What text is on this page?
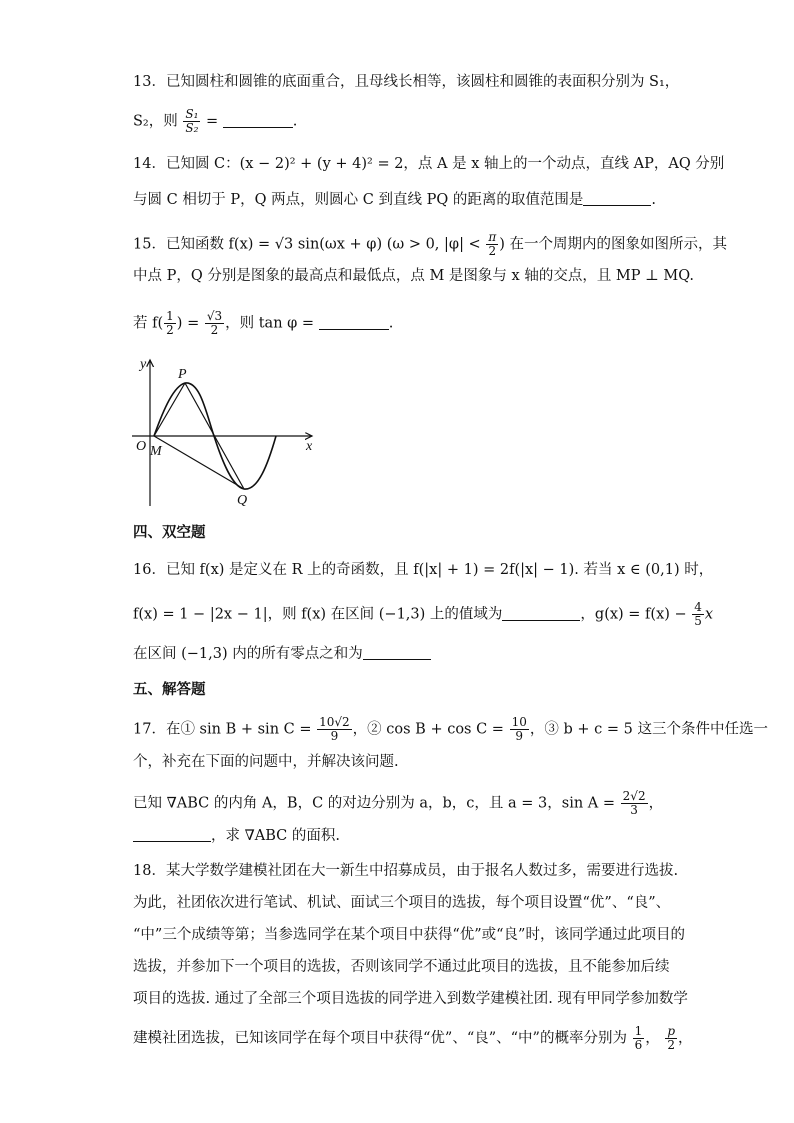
13．已知圆柱和圆锥的底面重合，且母线长相等，该圆柱和圆锥的表面积分别为 S₁，
S₂，则 $\frac{\text{S₁}}{\text{S₂}}$ =	.
14．已知圆 C：(x − 2)² + (y + 4)² = 2，点 A 是 x 轴上的一个动点，直线 AP，AQ 分别
与圆 C 相切于 P，Q 两点，则圆心 C 到直线 PQ 的距离的取值范围是	.
15．已知函数 f(x) = √3 sin(ωx + φ) (ω > 0, $|\varphi| < \frac{\pi}{2}$ ) 在一个周期内的图象如图所示，其
中点 P，Q 分别是图象的最高点和最低点，点 M 是图象与 x 轴的交点，且 MP ⊥ MQ.
若 $f( \frac{1}{2}$ ) = $\frac{√3}{2}$ ，则 tan φ =	.
y
x
P
O M
Q
四、双空题
16．已知 f(x) 是定义在 R 上的奇函数，且 f(|x| + 1) = 2f(|x| − 1). 若当 x ∈ (0,1) 时，
f(x) = 1 − |2x − 1|，则 f(x) 在区间 (−1,3) 上的值域为	，$g(x) = f(x) - \frac{4}{5}$ x
在区间 (−1,3) 内的所有零点之和为
五、解答题
17．在① $\sin B + \sin C = \frac{10√2}{9}$ ，② $\cos B + \cos C = \frac{10}{9}$ ，③ b + c = 5 这三个条件中任选一
个，补充在下面的问题中，并解决该问题.
已知 ∇ABC 的内角 A，B，C 的对边分别为 a，b，c，且 a = 3，$\sin A = \frac{2√2}{3}$ ，
，求 ∇ABC 的面积.
18．某大学数学建模社团在大一新生中招募成员，由于报名人数过多，需要进行选拔.
为此，社团依次进行笔试、机试、面试三个项目的选拔，每个项目设置“优”、“良”、
“中”三个成绩等第；当参选同学在某个项目中获得“优”或“良”时，该同学通过此项目的
选拔，并参加下一个项目的选拔，否则该同学不通过此项目的选拔，且不能参加后续
项目的选拔. 通过了全部三个项目选拔的同学进入到数学建模社团. 现有甲同学参加数学
建模社团选拔，已知该同学在每个项目中获得“优”、“良”、“中”的概率分别为 $\frac{1}{6}$ ， $\frac{p}{2}$ ，
